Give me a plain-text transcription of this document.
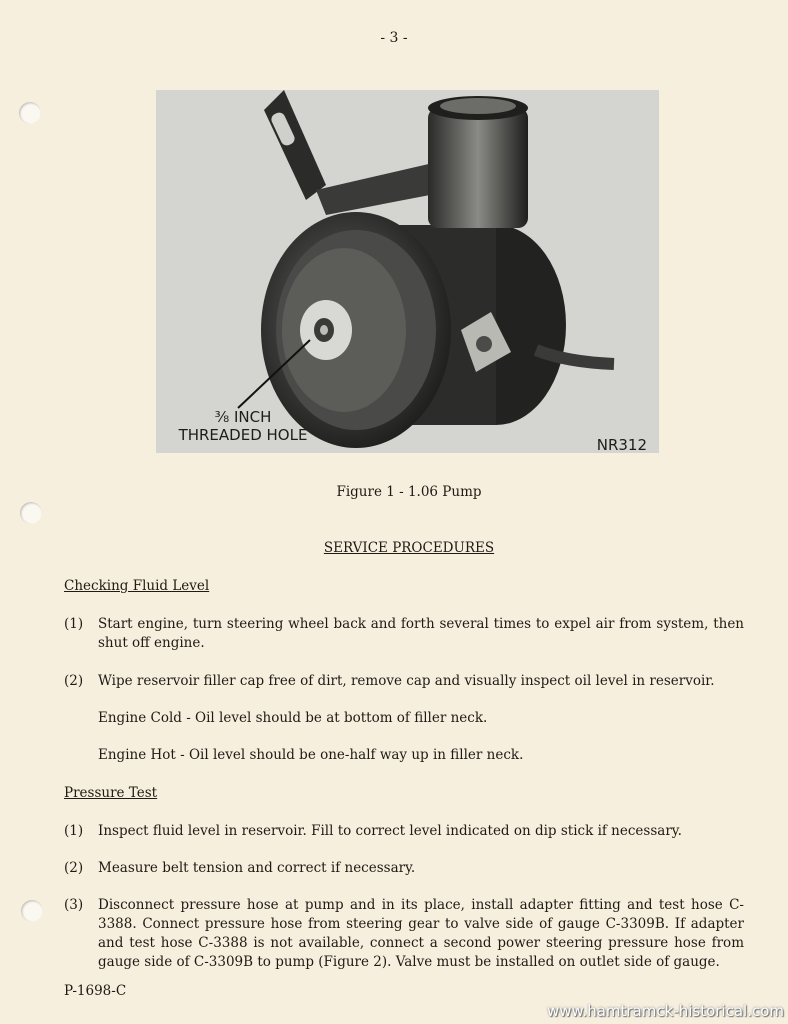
- 3 -
⅜ INCH
THREADED HOLE
NR312
Figure 1 - 1.06 Pump
SERVICE PROCEDURES
Checking Fluid Level
(1) Start engine, turn steering wheel back and forth several times to expel air from system, then shut off engine.
(2) Wipe reservoir filler cap free of dirt, remove cap and visually inspect oil level in reservoir.
Engine Cold - Oil level should be at bottom of filler neck.
Engine Hot - Oil level should be one-half way up in filler neck.
Pressure Test
(1) Inspect fluid level in reservoir. Fill to correct level indicated on dip stick if necessary.
(2) Measure belt tension and correct if necessary.
(3) Disconnect pressure hose at pump and in its place, install adapter fitting and test hose C-3388. Connect pressure hose from steering gear to valve side of gauge C-3309B. If adapter and test hose C-3388 is not available, connect a second power steering pressure hose from gauge side of C-3309B to pump (Figure 2). Valve must be installed on outlet side of gauge.
P-1698-C
www.hamtramck-historical.com
